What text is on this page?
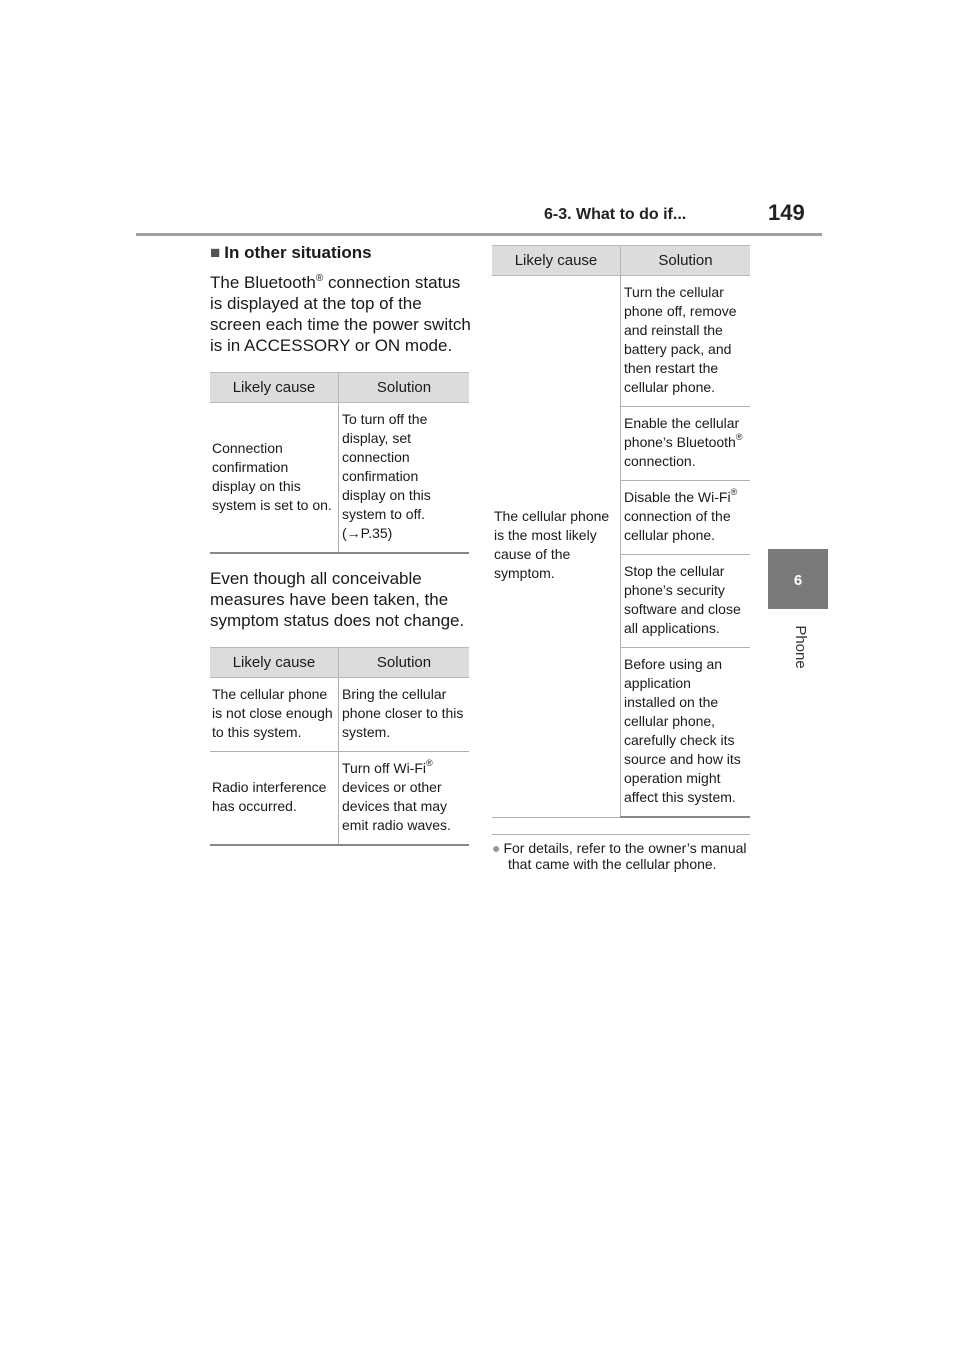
6-3. What to do if...	149
6
Phone
■ In other situations

The Bluetooth® connection status is displayed at the top of the screen each time the power switch is in ACCESSORY or ON mode.

Likely cause	Solution
Connection confirmation display on this system is set to on.	To turn off the display, set connection confirmation display on this system to off. (→P.35)

Even though all conceivable measures have been taken, the symptom status does not change.

Likely cause	Solution
The cellular phone is not close enough to this system.	Bring the cellular phone closer to this system.
Radio interference has occurred.	Turn off Wi-Fi® devices or other devices that may emit radio waves.
Likely cause	Solution
The cellular phone is the most likely cause of the symptom.	Turn the cellular phone off, remove and reinstall the battery pack, and then restart the cellular phone.
	Enable the cellular phone’s Bluetooth® connection.
	Disable the Wi-Fi® connection of the cellular phone.
	Stop the cellular phone’s security software and close all applications.
	Before using an application installed on the cellular phone, carefully check its source and how its operation might affect this system.
● For details, refer to the owner’s manual that came with the cellular phone.
